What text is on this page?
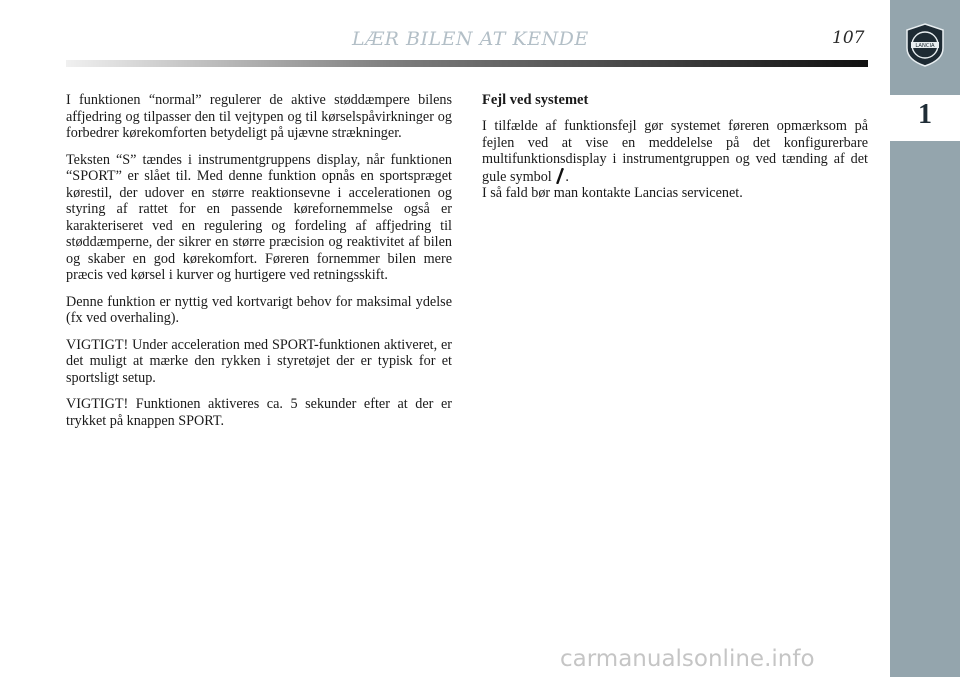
LÆR BILEN AT KENDE	107	LANCIA
1

I funktionen “normal” regulerer de aktive støddæmpere bilens affjedring og tilpasser den til vejtypen og til kørselspåvirkninger og forbedrer kørekomforten betydeligt på ujævne strækninger.

Teksten “S” tændes i instrumentgruppens display, når funktionen “SPORT” er slået til. Med denne funktion opnås en sportspræget kørestil, der udover en større reaktionsevne i accelerationen og styring af rattet for en passende kørefornemmelse også er karakteriseret ved en regulering og fordeling af affjedring til støddæmperne, der sikrer en større præcision og reaktivitet af bilen og skaber en god kørekomfort. Føreren fornemmer bilen mere præcis ved kørsel i kurver og hurtigere ved retningsskift.

Denne funktion er nyttig ved kortvarigt behov for maksimal ydelse (fx ved overhaling).

VIGTIGT! Under acceleration med SPORT-funktionen aktiveret, er det muligt at mærke den rykken i styretøjet der er typisk for et sportsligt setup.

VIGTIGT! Funktionen aktiveres ca. 5 sekunder efter at der er trykket på knappen SPORT.

Fejl ved systemet

I tilfælde af funktionsfejl gør systemet føreren opmærksom på fejlen ved at vise en meddelelse på det konfigurerbare multifunktionsdisplay i instrumentgruppen og ved tænding af det gule symbol .

I så fald bør man kontakte Lancias servicenet.

carmanualsonline.info
